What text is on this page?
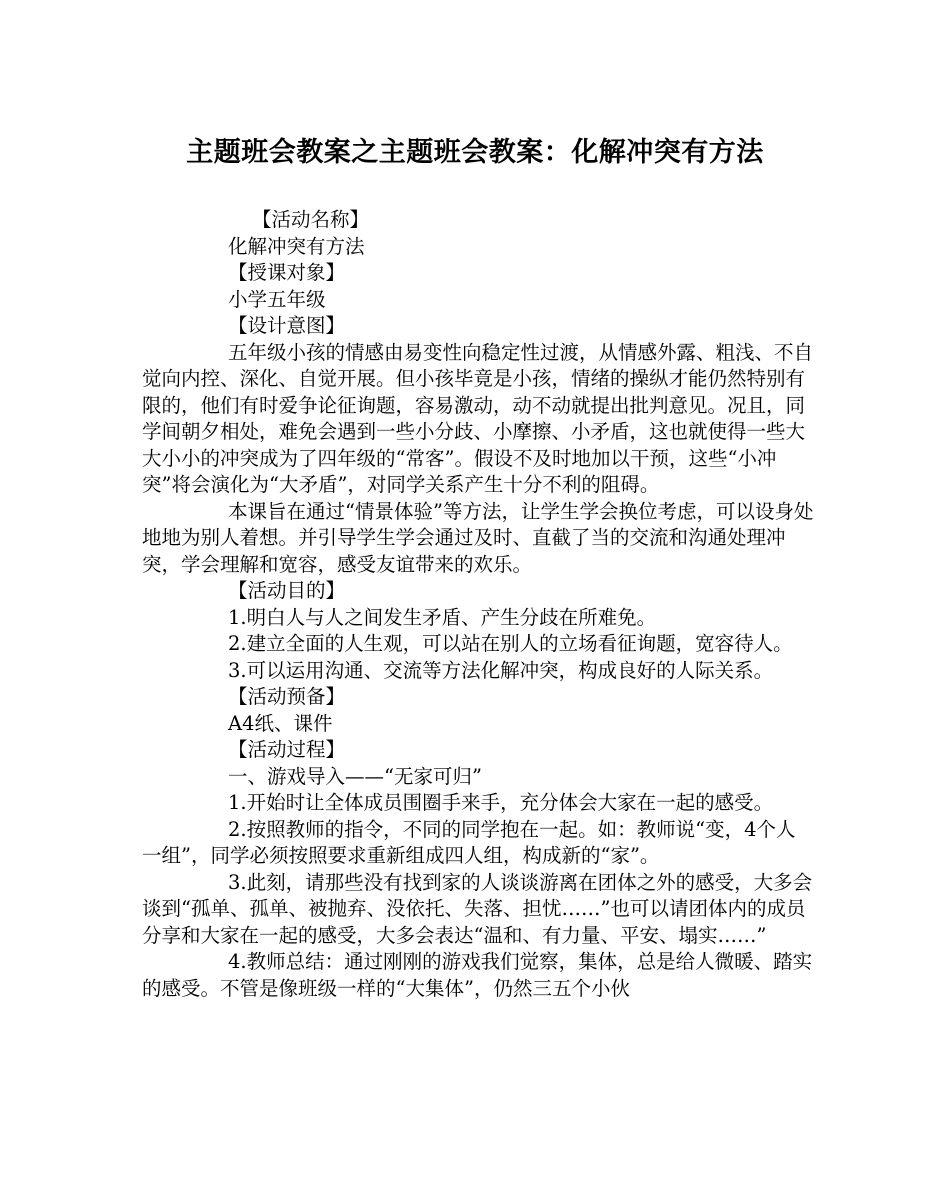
主题班会教案之主题班会教案：化解冲突有方法

【活动名称】

化解冲突有方法

【授课对象】

小学五年级

【设计意图】

五年级小孩的情感由易变性向稳定性过渡，从情感外露、粗浅、不自觉向内控、深化、自觉开展。但小孩毕竟是小孩，情绪的操纵才能仍然特别有限的，他们有时爱争论征询题，容易激动，动不动就提出批判意见。况且，同学间朝夕相处，难免会遇到一些小分歧、小摩擦、小矛盾，这也就使得一些大大小小的冲突成为了四年级的“常客”。假设不及时地加以干预，这些“小冲突”将会演化为“大矛盾”，对同学关系产生十分不利的阻碍。

本课旨在通过“情景体验”等方法，让学生学会换位考虑，可以设身处地地为别人着想。并引导学生学会通过及时、直截了当的交流和沟通处理冲突，学会理解和宽容，感受友谊带来的欢乐。

【活动目的】

1.明白人与人之间发生矛盾、产生分歧在所难免。

2.建立全面的人生观，可以站在别人的立场看征询题，宽容待人。

3.可以运用沟通、交流等方法化解冲突，构成良好的人际关系。

【活动预备】

A4纸、课件

【活动过程】

一、游戏导入——“无家可归”

1.开始时让全体成员围圈手来手，充分体会大家在一起的感受。

2.按照教师的指令，不同的同学抱在一起。如：教师说“变，4个人一组”，同学必须按照要求重新组成四人组，构成新的“家”。

3.此刻，请那些没有找到家的人谈谈游离在团体之外的感受，大多会谈到“孤单、孤单、被抛弃、没依托、失落、担忧……”也可以请团体内的成员分享和大家在一起的感受，大多会表达“温和、有力量、平安、塌实……”

4.教师总结：通过刚刚的游戏我们觉察，集体，总是给人微暖、踏实的感受。不管是像班级一样的“大集体”，仍然三五个小伙
